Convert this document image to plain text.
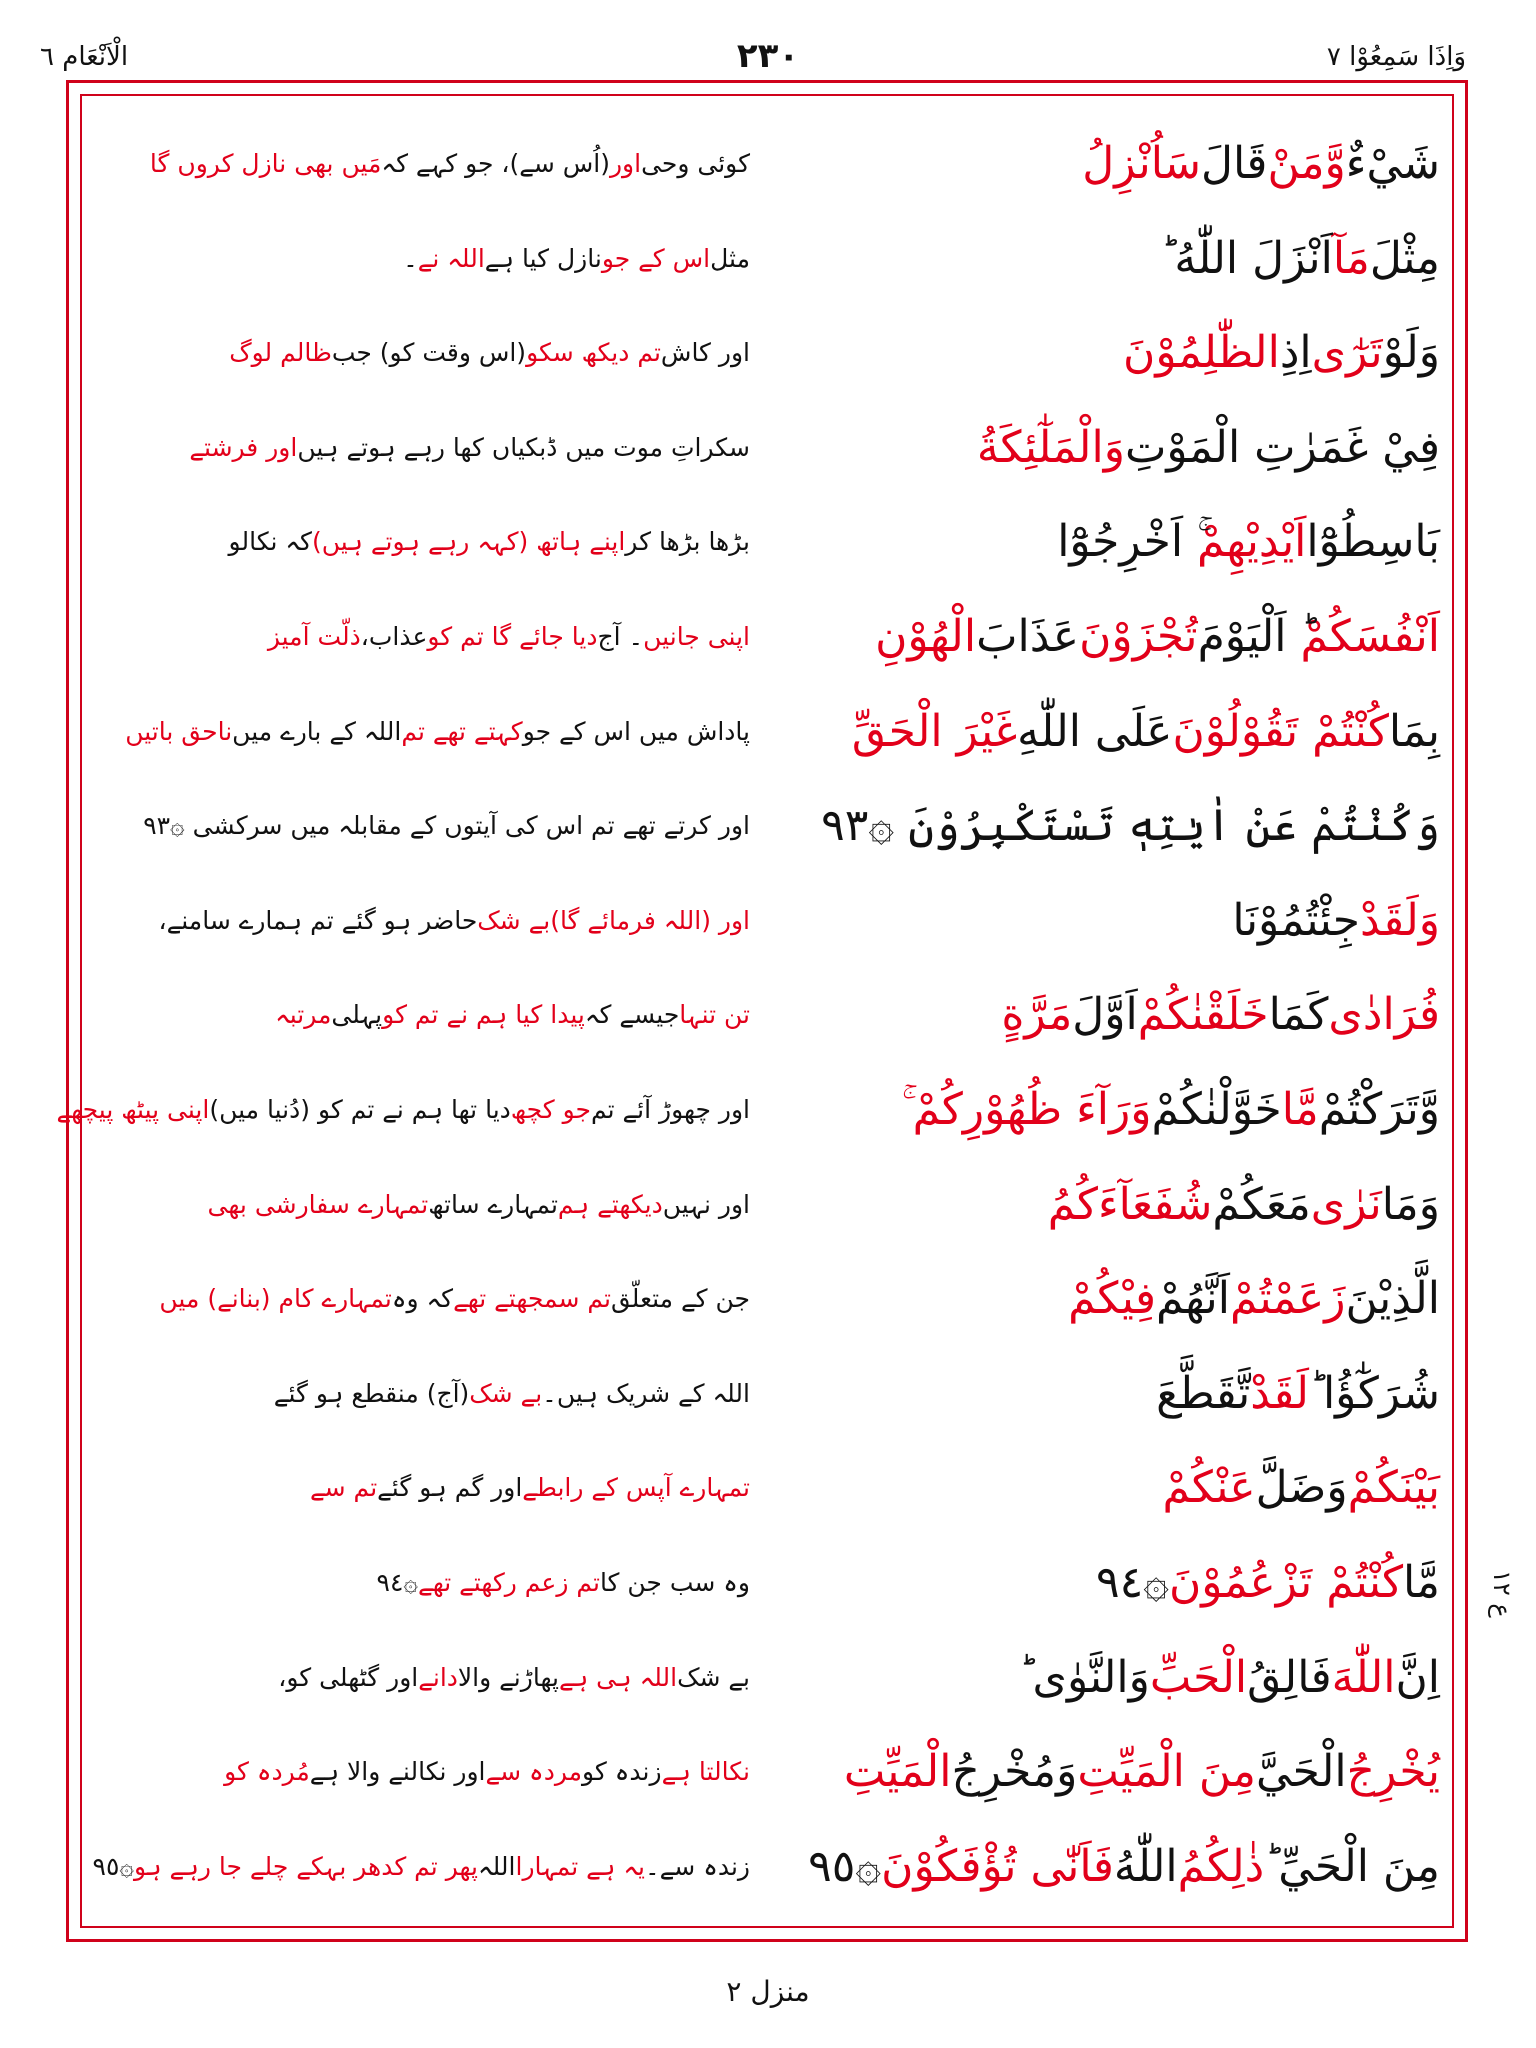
وَاِذَا سَمِعُوْا ٧
۲۳۰
الْاَنْعَام ٦
شَيْءٌ
وَّمَنْ
قَالَ
سَاُنْزِلُ
کوئی وحی
اور
(اُس سے)، جو کہے کہ
مَیں بھی نازل کروں گا
مِثْلَ
مَآ
اَنْزَلَ اللّٰهُ ؕ
مثل
اس کے جو
نازل کیا ہے
اللہ نے
۔
وَلَوْ
تَرٰٓى
اِذِ
الظّٰلِمُوْنَ
اور کاش
تم دیکھ سکو
(اس وقت کو) جب
ظالم لوگ
فِيْ غَمَرٰتِ الْمَوْتِ
وَالْمَلٰٓئِكَةُ
سکراتِ موت میں ڈبکیاں کھا رہے ہوتے ہیں
اور فرشتے
بَاسِطُوْٓا
اَيْدِيْهِمْ
ۚ اَخْرِجُوْٓا
بڑھا بڑھا کر
اپنے ہاتھ (کہہ رہے ہوتے ہیں)
کہ نکالو
اَنْفُسَكُمْ
ؕ اَلْيَوْمَ
تُجْزَوْنَ
عَذَابَ
الْهُوْنِ
اپنی جانیں
۔ آج
دیا جائے گا تم کو
عذاب،
ذلّت آمیز
بِمَا
كُنْتُمْ تَقُوْلُوْنَ
عَلَى اللّٰهِ
غَيْرَ الْحَقِّ
پاداش میں اس کے جو
کہتے تھے تم
اللہ کے بارے میں
ناحق باتیں
وَكُنْتُمْ عَنْ اٰيٰتِهٖ تَسْتَكْبِرُوْنَ ۞٩٣
اور کرتے تھے تم اس کی آیتوں کے مقابلہ میں سرکشی ۞٩٣
وَلَقَدْ
جِئْتُمُوْنَا
اور (اللہ فرمائے گا)
بے شک
حاضر ہو گئے تم ہمارے سامنے،
فُرَادٰى
كَمَا
خَلَقْنٰكُمْ
اَوَّلَ
مَرَّةٍ
تن تنہا
جیسے کہ
پیدا کیا ہم نے تم کو
پہلی
مرتبہ
وَّتَرَكْتُمْ
مَّا
خَوَّلْنٰكُمْ
وَرَآءَ ظُهُوْرِكُمْ ۚ
اور چھوڑ آئے تم
جو کچھ
دیا تھا ہم نے تم کو (دُنیا میں)
اپنی پیٹھ پیچھے
وَمَا
نَرٰى
مَعَكُمْ
شُفَعَآءَكُمُ
اور نہیں
دیکھتے ہم
تمہارے ساتھ
تمہارے سفارشی بھی
الَّذِيْنَ
زَعَمْتُمْ
اَنَّهُمْ
فِيْكُمْ
جن کے متعلّق
تم سمجھتے تھے
کہ وہ
تمہارے کام (بنانے) میں
شُرَكٰٓؤُا ؕ
لَقَدْ
تَّقَطَّعَ
اللہ کے شریک ہیں۔
بے شک
(آج) منقطع ہو گئے
بَيْنَكُمْ
وَضَلَّ
عَنْكُمْ
تمہارے آپس کے رابطے
اور گم ہو گئے
تم سے
مَّا
كُنْتُمْ تَزْعُمُوْنَ
۞٩٤
وہ سب جن کا
تم زعم رکھتے تھے
۞٩٤
اِنَّ
اللّٰهَ
فَالِقُ
الْحَبِّ
وَالنَّوٰى ؕ
بے شک
اللہ ہی ہے
پھاڑنے والا
دانے
اور گٹھلی کو،
يُخْرِجُ
الْحَيَّ
مِنَ الْمَيِّتِ
وَمُخْرِجُ
الْمَيِّتِ
نکالتا ہے
زندہ کو
مردہ سے
اور نکالنے والا ہے
مُردہ کو
مِنَ الْحَيِّ ؕ
ذٰلِكُمُ
اللّٰهُ
فَاَنّٰى تُؤْفَكُوْنَ
۞٩٥
زندہ سے۔
یہ ہے تمہارا
اللہ
پھر تم کدھر بہکے چلے جا رہے ہو
۞٩٥
ع ١٢
منزل ٢
